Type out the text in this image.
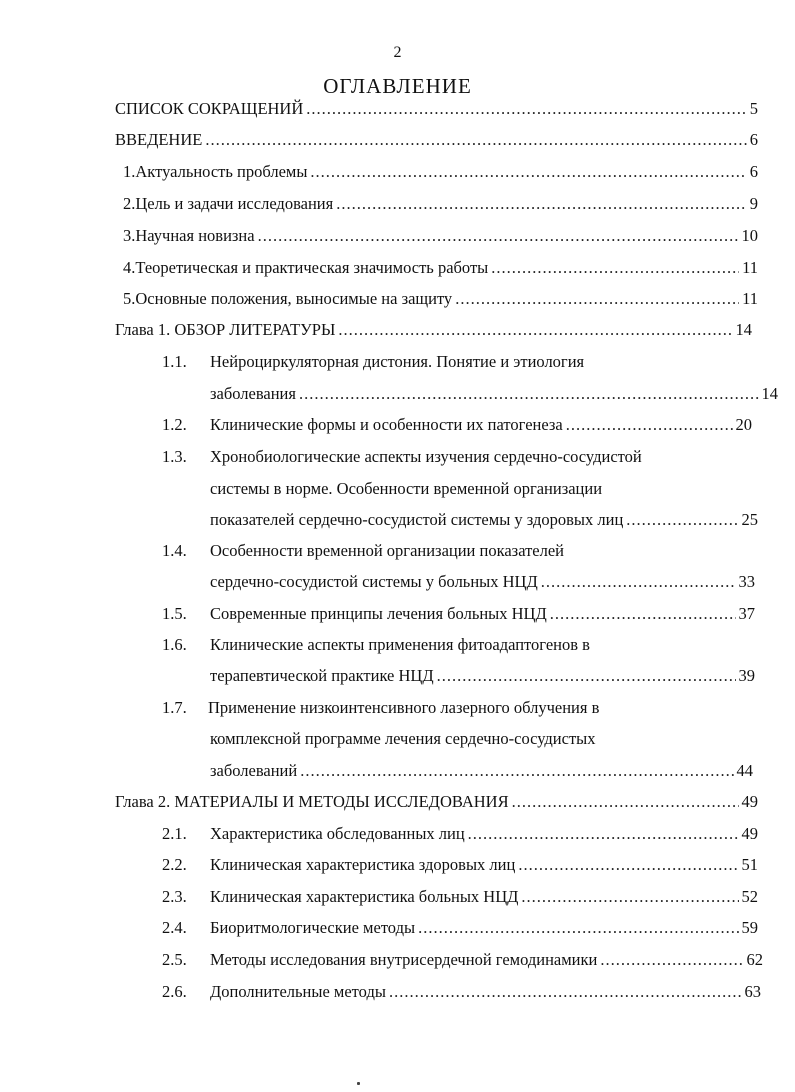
2
ОГЛАВЛЕНИЕ
СПИСОК СОКРАЩЕНИЙ .....	5
ВВЕДЕНИЕ .....	6
1. Актуальность проблемы .....	6
2. Цель и задачи исследования .....	9
3. Научная новизна .....	10
4. Теоретическая и практическая значимость работы .....	11
5. Основные положения, выносимые на защиту .....	11
Глава 1. ОБЗОР ЛИТЕРАТУРЫ .....	14
1.1. Нейроциркуляторная дистония. Понятие и этиология
заболевания .....	14
1.2. Клинические формы и особенности их патогенеза .....	20
1.3. Хронобиологические аспекты изучения сердечно-сосудистой
системы в норме. Особенности временной организации
показателей сердечно-сосудистой системы у здоровых лиц .....	25
1.4. Особенности временной организации показателей
сердечно-сосудистой системы у больных НЦД .....	33
1.5. Современные принципы лечения больных НЦД .....	37
1.6. Клинические аспекты применения фитоадаптогенов в
терапевтической практике НЦД .....	39
1.7. Применение низкоинтенсивного лазерного облучения в
комплексной программе лечения сердечно-сосудистых
заболеваний .....	44
Глава 2. МАТЕРИАЛЫ И МЕТОДЫ ИССЛЕДОВАНИЯ .....	49
2.1. Характеристика обследованных лиц .....	49
2.2. Клиническая характеристика здоровых лиц .....	51
2.3. Клиническая характеристика больных НЦД .....	52
2.4. Биоритмологические методы .....	59
2.5. Методы исследования внутрисердечной гемодинамики .....	62
2.6. Дополнительные методы .....	63
